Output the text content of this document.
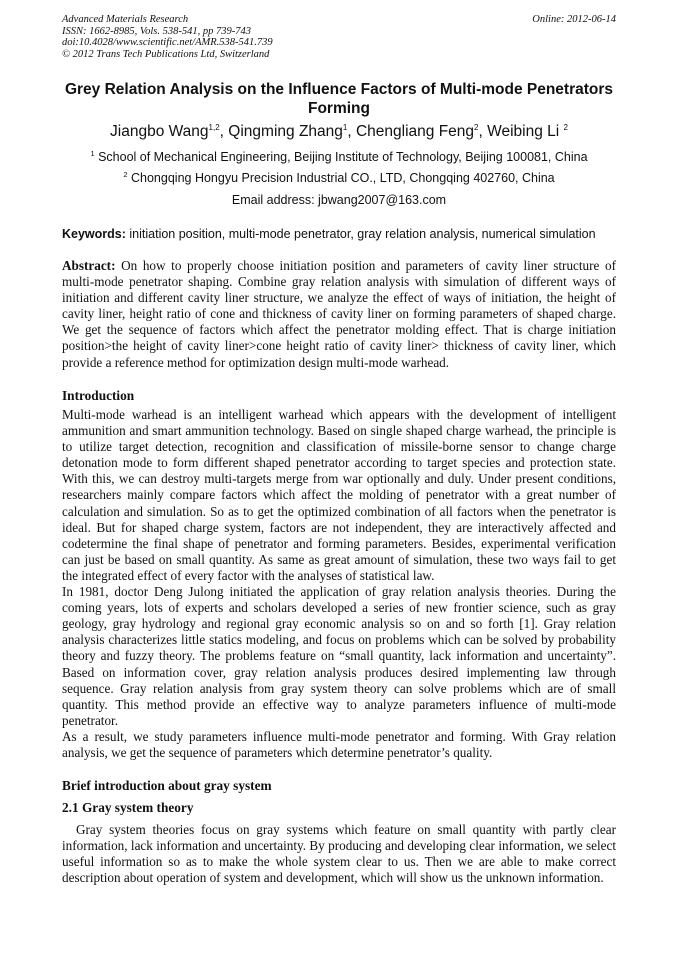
Advanced Materials Research
ISSN: 1662-8985, Vols. 538-541, pp 739-743
doi:10.4028/www.scientific.net/AMR.538-541.739
© 2012 Trans Tech Publications Ltd, Switzerland
Online: 2012-06-14
Grey Relation Analysis on the Influence Factors of Multi-mode Penetrators Forming
Jiangbo Wang$^{1,2}$, Qingming Zhang$^1$, Chengliang Feng$^2$, Weibing Li $^2$
$^1$ School of Mechanical Engineering, Beijing Institute of Technology, Beijing 100081, China
$^2$ Chongqing Hongyu Precision Industrial CO., LTD, Chongqing 402760, China
Email address: jbwang2007@163.com
Keywords: initiation position, multi-mode penetrator, gray relation analysis, numerical simulation

Abstract: On how to properly choose initiation position and parameters of cavity liner structure of multi-mode penetrator shaping. Combine gray relation analysis with simulation of different ways of initiation and different cavity liner structure, we analyze the effect of ways of initiation, the height of cavity liner, height ratio of cone and thickness of cavity liner on forming parameters of shaped charge. We get the sequence of factors which affect the penetrator molding effect. That is charge initiation position>the height of cavity liner>cone height ratio of cavity liner> thickness of cavity liner, which provide a reference method for optimization design multi-mode warhead.

Introduction

Multi-mode warhead is an intelligent warhead which appears with the development of intelligent ammunition and smart ammunition technology. Based on single shaped charge warhead, the principle is to utilize target detection, recognition and classification of missile-borne sensor to change charge detonation mode to form different shaped penetrator according to target species and protection state. With this, we can destroy multi-targets merge from war optionally and duly. Under present conditions, researchers mainly compare factors which affect the molding of penetrator with a great number of calculation and simulation. So as to get the optimized combination of all factors when the penetrator is ideal. But for shaped charge system, factors are not independent, they are interactively affected and codetermine the final shape of penetrator and forming parameters. Besides, experimental verification can just be based on small quantity. As same as great amount of simulation, these two ways fail to get the integrated effect of every factor with the analyses of statistical law.

In 1981, doctor Deng Julong initiated the application of gray relation analysis theories. During the coming years, lots of experts and scholars developed a series of new frontier science, such as gray geology, gray hydrology and regional gray economic analysis so on and so forth [1]. Gray relation analysis characterizes little statics modeling, and focus on problems which can be solved by probability theory and fuzzy theory. The problems feature on “small quantity, lack information and uncertainty”. Based on information cover, gray relation analysis produces desired implementing law through sequence. Gray relation analysis from gray system theory can solve problems which are of small quantity. This method provide an effective way to analyze parameters influence of multi-mode penetrator.

As a result, we study parameters influence multi-mode penetrator and forming. With Gray relation analysis, we get the sequence of parameters which determine penetrator’s quality.

Brief introduction about gray system
2.1 Gray system theory

Gray system theories focus on gray systems which feature on small quantity with partly clear information, lack information and uncertainty. By producing and developing clear information, we select useful information so as to make the whole system clear to us. Then we are able to make correct description about operation of system and development, which will show us the unknown information.
